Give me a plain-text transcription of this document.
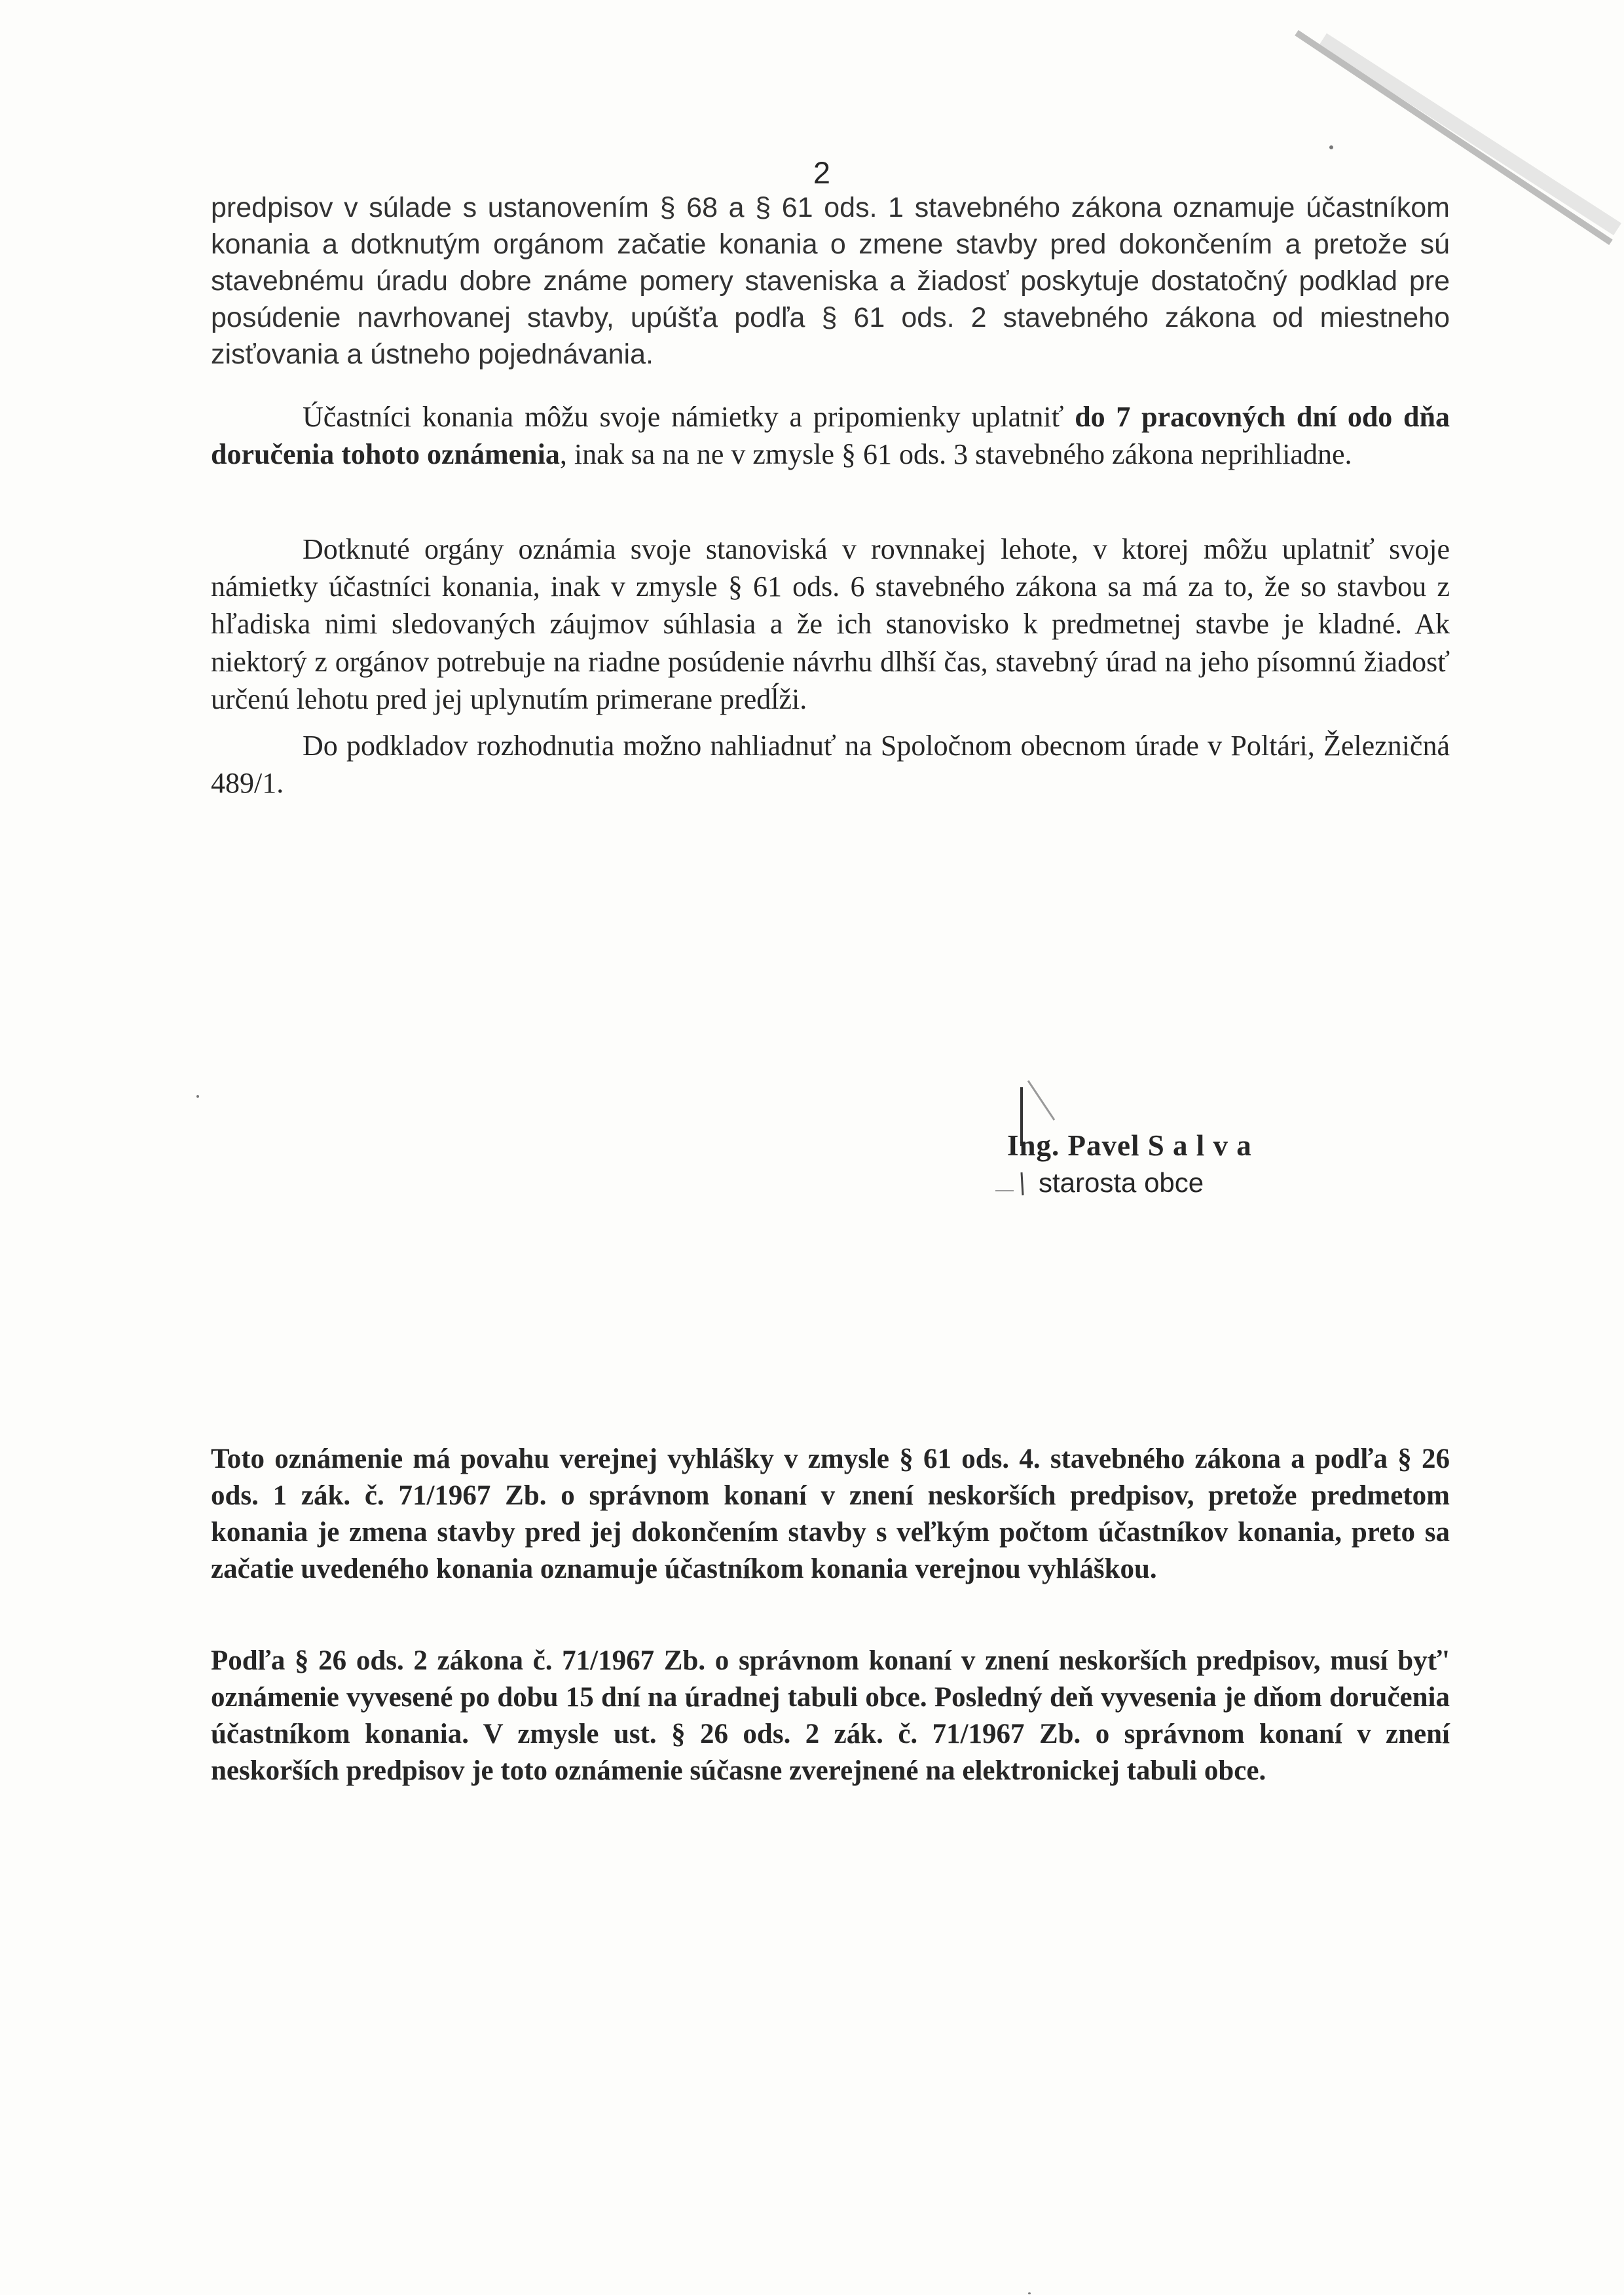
2

predpisov v súlade s ustanovením § 68 a § 61 ods. 1 stavebného zákona oznamuje účastníkom konania a dotknutým orgánom začatie konania o zmene stavby pred dokončením a pretože sú stavebnému úradu dobre známe pomery staveniska a žiadosť poskytuje dostatočný podklad pre posúdenie navrhovanej stavby, upúšťa podľa § 61 ods. 2 stavebného zákona od miestneho zisťovania a ústneho pojednávania.

Účastníci konania môžu svoje námietky a pripomienky uplatniť do 7 pracovných dní odo dňa doručenia tohoto oznámenia, inak sa na ne v zmysle § 61 ods. 3 stavebného zákona neprihliadne.

Dotknuté orgány oznámia svoje stanoviská v rovnnakej lehote, v ktorej môžu uplatniť svoje námietky účastníci konania, inak v zmysle § 61 ods. 6 stavebného zákona sa má za to, že so stavbou z hľadiska nimi sledovaných záujmov súhlasia a že ich stanovisko k predmetnej stavbe je kladné. Ak niektorý z orgánov potrebuje na riadne posúdenie návrhu dlhší čas, stavebný úrad na jeho písomnú žiadosť určenú lehotu pred jej uplynutím primerane predĺži.

Do podkladov rozhodnutia možno nahliadnuť na Spoločnom obecnom úrade v Poltári, Železničná 489/1.

Ing. Pavel S a l v a
starosta obce

Toto oznámenie má povahu verejnej vyhlášky v zmysle § 61 ods. 4. stavebného zákona a podľa § 26 ods. 1 zák. č. 71/1967 Zb. o správnom konaní v znení neskorších predpisov, pretože predmetom konania je zmena stavby pred jej dokončením stavby s veľkým počtom účastníkov konania, preto sa začatie uvedeného konania oznamuje účastníkom konania verejnou vyhláškou.

Podľa § 26 ods. 2 zákona č. 71/1967 Zb. o správnom konaní v znení neskorších predpisov, musí byť' oznámenie vyvesené po dobu 15 dní na úradnej tabuli obce. Posledný deň vyvesenia je dňom doručenia účastníkom konania. V zmysle ust. § 26 ods. 2 zák. č. 71/1967 Zb. o správnom konaní v znení neskorších predpisov je toto oznámenie súčasne zverejnené na elektronickej tabuli obce.
